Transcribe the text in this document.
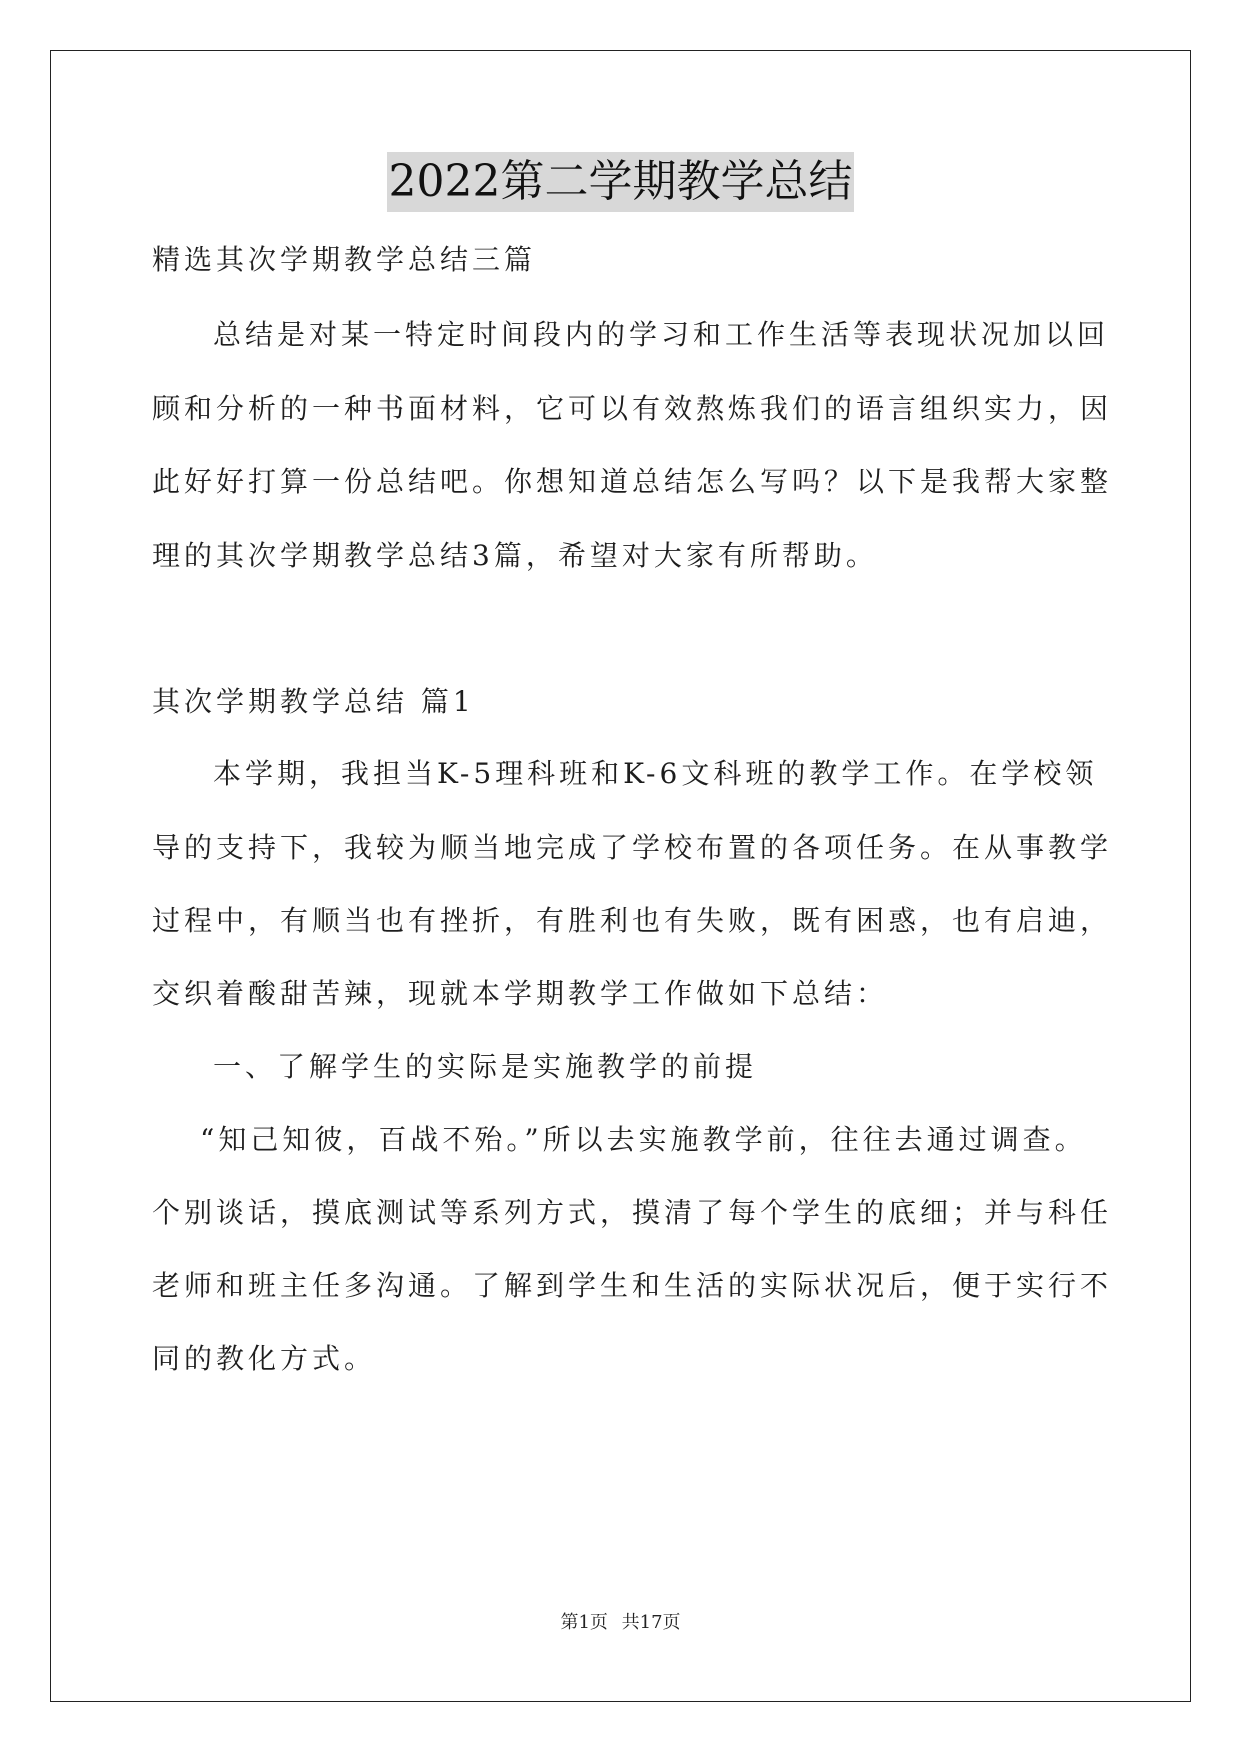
2022第二学期教学总结
精选其次学期教学总结三篇
总结是对某一特定时间段内的学习和工作生活等表现状况加以回
顾和分析的一种书面材料，它可以有效熬炼我们的语言组织实力，因
此好好打算一份总结吧。你想知道总结怎么写吗？以下是我帮大家整
理的其次学期教学总结3篇，希望对大家有所帮助。
其次学期教学总结 篇1
本学期，我担当K-5理科班和K-6文科班的教学工作。在学校领
导的支持下，我较为顺当地完成了学校布置的各项任务。在从事教学
过程中，有顺当也有挫折，有胜利也有失败，既有困惑，也有启迪，
交织着酸甜苦辣，现就本学期教学工作做如下总结：
一、了解学生的实际是实施教学的前提
“知己知彼，百战不殆。”所以去实施教学前，往往去通过调查。
个别谈话，摸底测试等系列方式，摸清了每个学生的底细；并与科任
老师和班主任多沟通。了解到学生和生活的实际状况后，便于实行不
同的教化方式。
第1页 共17页
